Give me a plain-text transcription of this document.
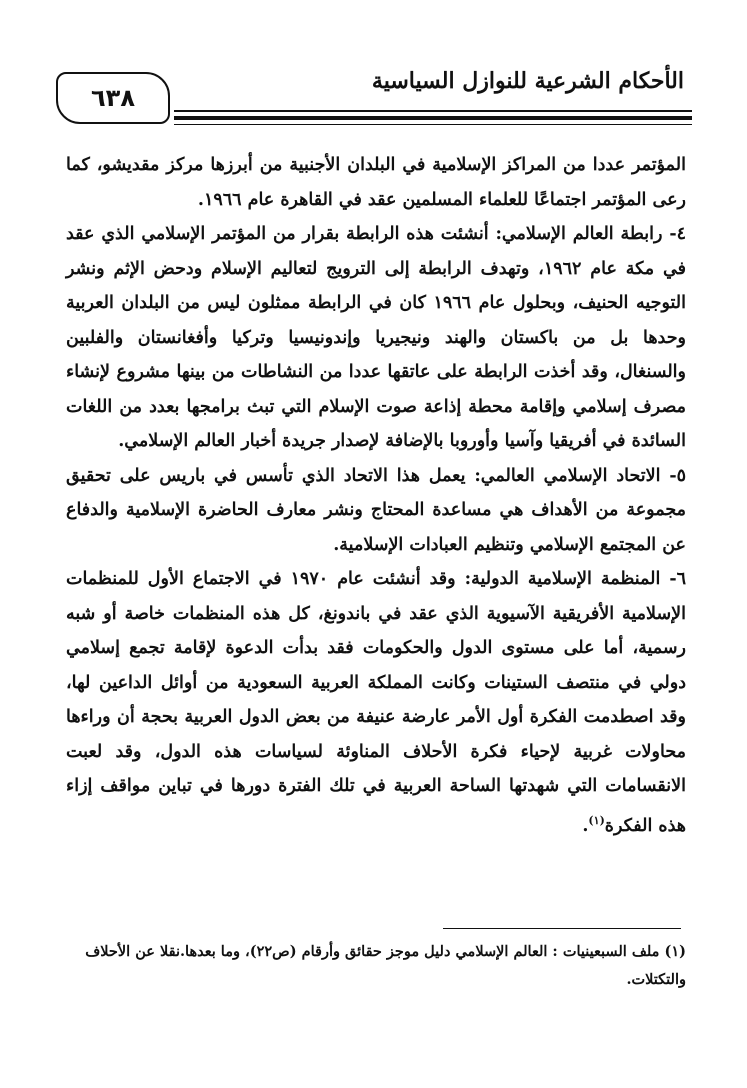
٦٣٨
الأحكام الشرعية للنوازل السياسية

المؤتمر عددا من المراكز الإسلامية في البلدان الأجنبية من أبرزها مركز مقديشو، كما رعى المؤتمر اجتماعًا للعلماء المسلمين عقد في القاهرة عام ١٩٦٦.

٤- رابطة العالم الإسلامي: أنشئت هذه الرابطة بقرار من المؤتمر الإسلامي الذي عقد في مكة عام ١٩٦٢، وتهدف الرابطة إلى الترويج لتعاليم الإسلام ودحض الإثم ونشر التوجيه الحنيف، وبحلول عام ١٩٦٦ كان في الرابطة ممثلون ليس من البلدان العربية وحدها بل من باكستان والهند ونيجيريا وإندونيسيا وتركيا وأفغانستان والفلبين والسنغال، وقد أخذت الرابطة على عاتقها عددا من النشاطات من بينها مشروع لإنشاء مصرف إسلامي وإقامة محطة إذاعة صوت الإسلام التي تبث برامجها بعدد من اللغات السائدة في أفريقيا وآسيا وأوروبا بالإضافة لإصدار جريدة أخبار العالم الإسلامي.

٥- الاتحاد الإسلامي العالمي: يعمل هذا الاتحاد الذي تأسس في باريس على تحقيق مجموعة من الأهداف هي مساعدة المحتاج ونشر معارف الحاضرة الإسلامية والدفاع عن المجتمع الإسلامي وتنظيم العبادات الإسلامية.

٦- المنظمة الإسلامية الدولية: وقد أنشئت عام ١٩٧٠ في الاجتماع الأول للمنظمات الإسلامية الأفريقية الآسيوية الذي عقد في باندونغ، كل هذه المنظمات خاصة أو شبه رسمية، أما على مستوى الدول والحكومات فقد بدأت الدعوة لإقامة تجمع إسلامي دولي في منتصف الستينات وكانت المملكة العربية السعودية من أوائل الداعين لها، وقد اصطدمت الفكرة أول الأمر عارضة عنيفة من بعض الدول العربية بحجة أن وراءها محاولات غربية لإحياء فكرة الأحلاف المناوئة لسياسات هذه الدول، وقد لعبت الانقسامات التي شهدتها الساحة العربية في تلك الفترة دورها في تباين مواقف إزاء هذه الفكرة$^{(١)}$.

(١) ملف السبعينيات : العالم الإسلامي دليل موجز حقائق وأرقام (ص٢٢)، وما بعدها.نقلا عن الأحلاف والتكتلات.
